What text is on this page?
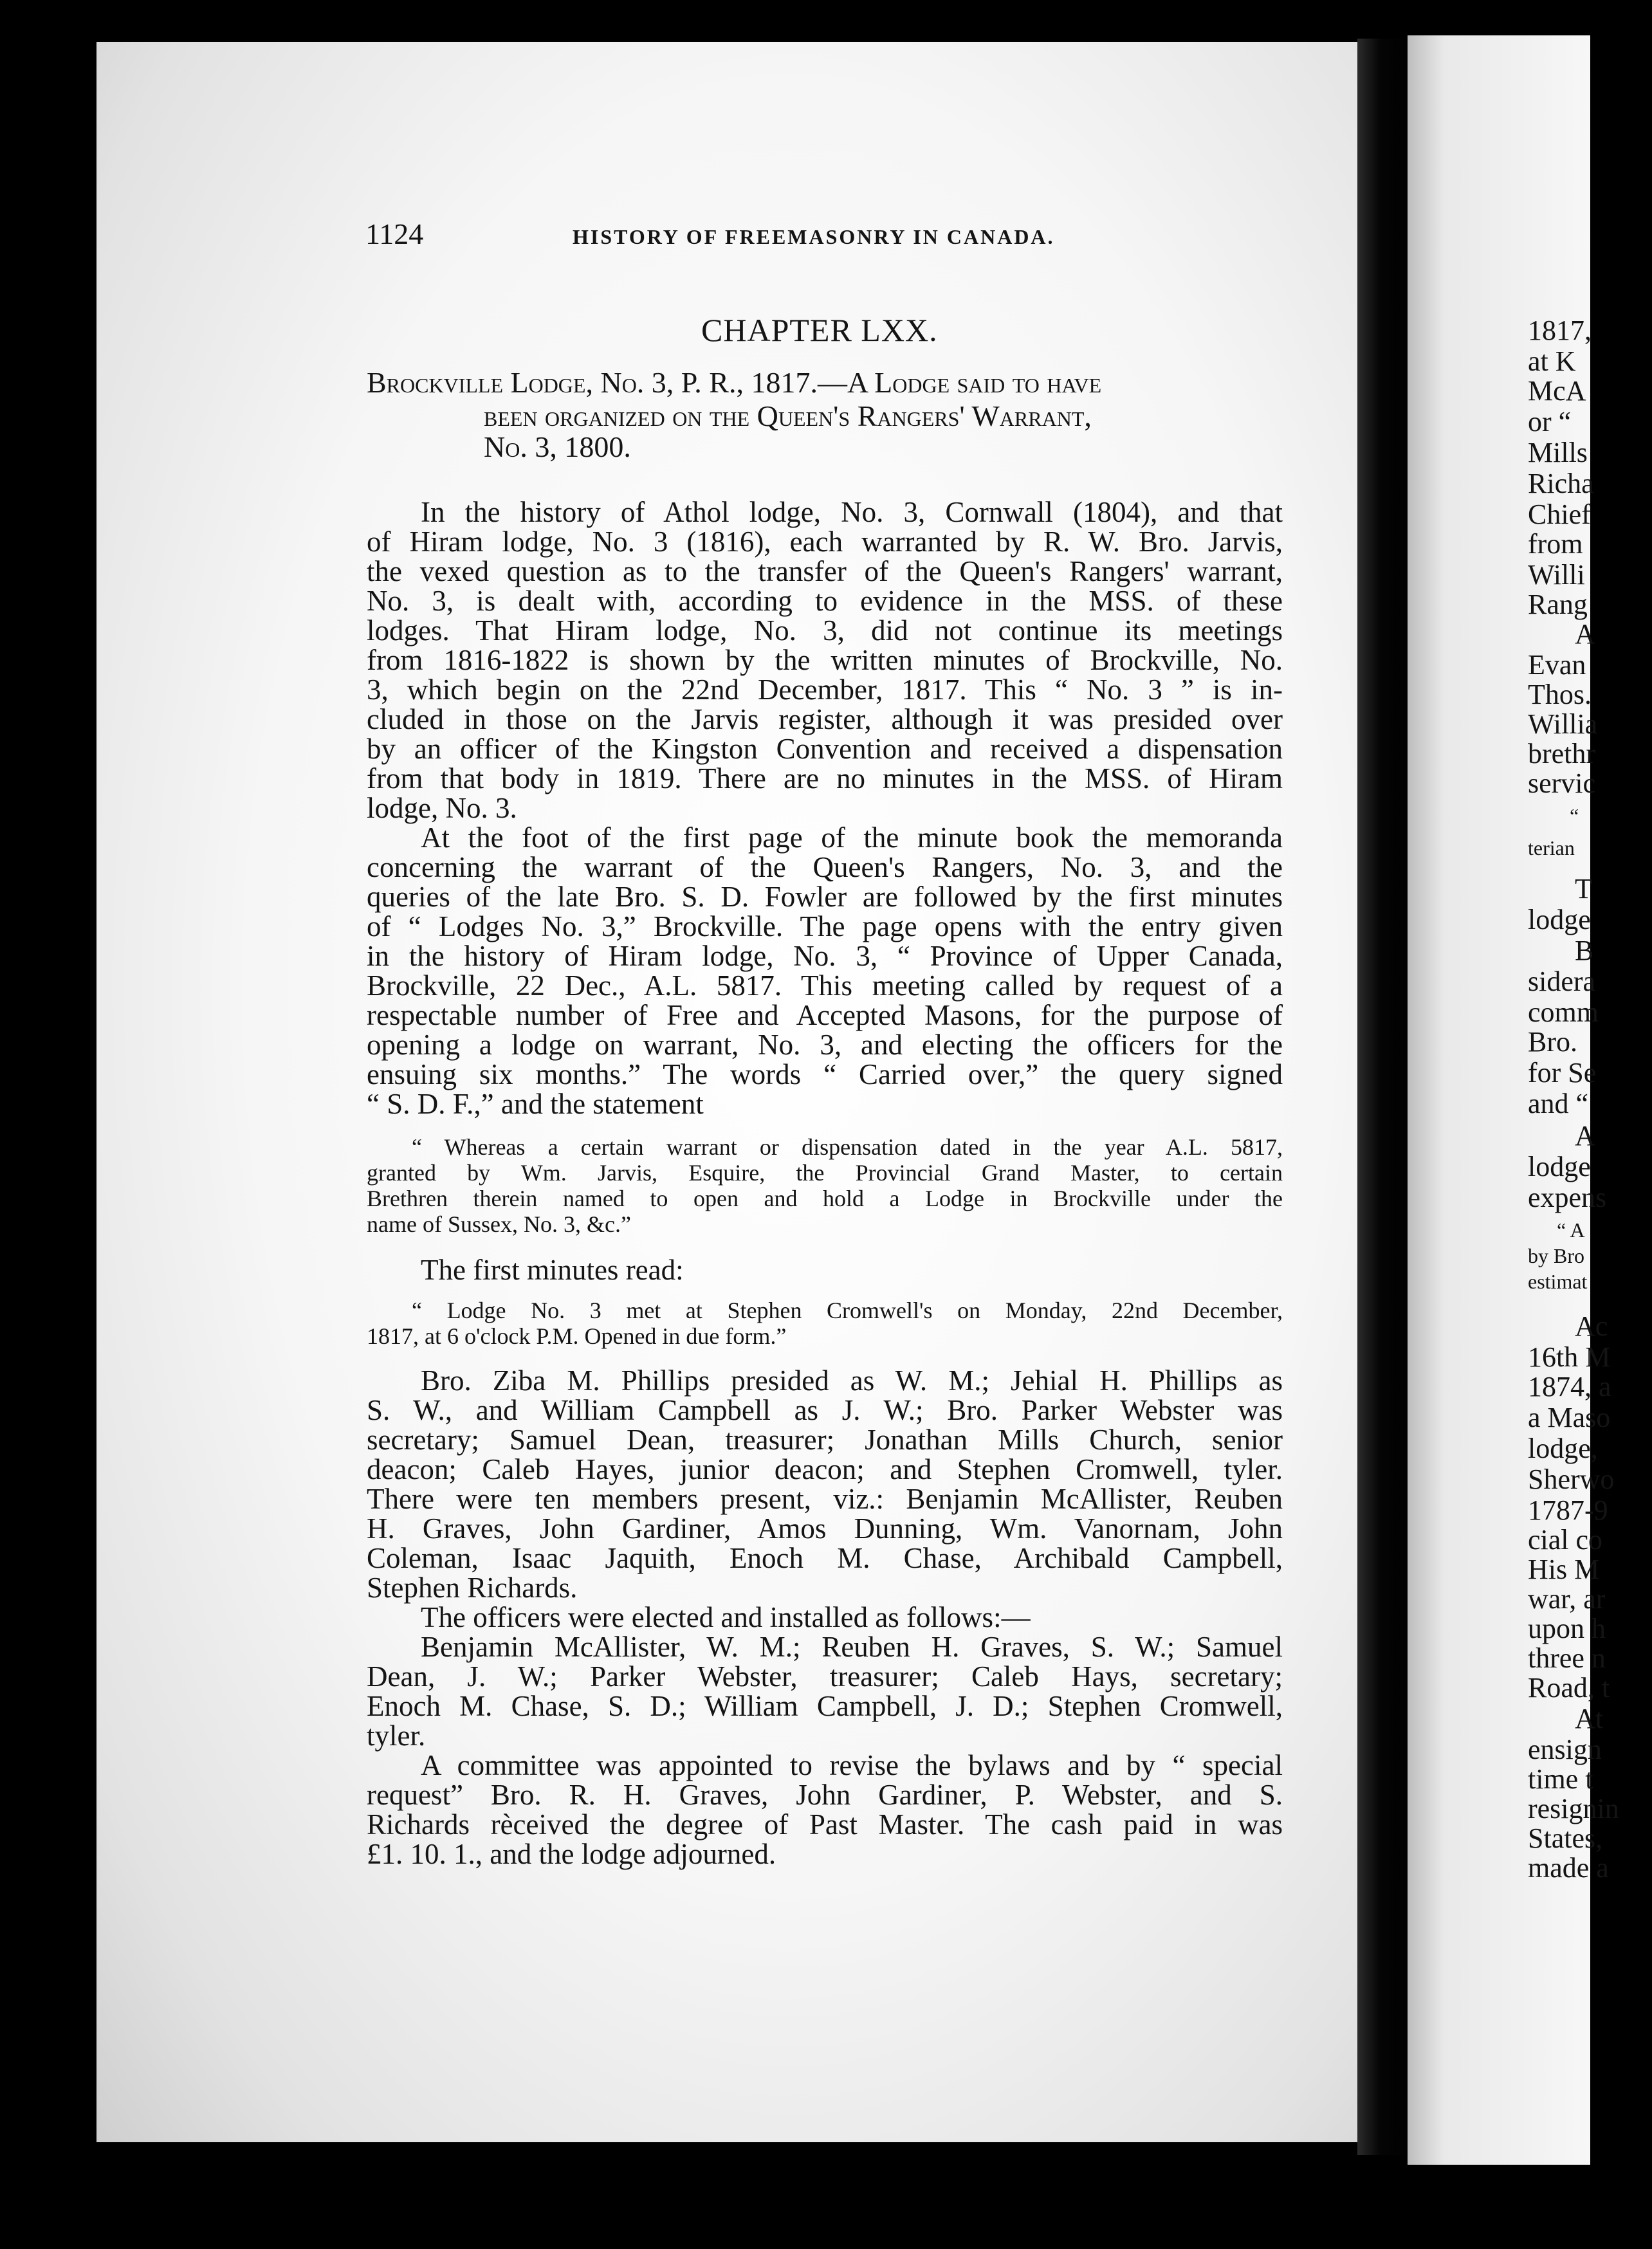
1124	HISTORY OF FREEMASONRY IN CANADA.
CHAPTER LXX.
Brockville Lodge, No. 3, P. R., 1817.—A Lodge said to have
been organized on the Queen's Rangers' Warrant,
No. 3, 1800.
In the history of Athol lodge, No. 3, Cornwall (1804), and that
of Hiram lodge, No. 3 (1816), each warranted by R. W. Bro. Jarvis,
the vexed question as to the transfer of the Queen's Rangers' warrant,
No. 3, is dealt with, according to evidence in the MSS. of these
lodges. That Hiram lodge, No. 3, did not continue its meetings
from 1816-1822 is shown by the written minutes of Brockville, No.
3, which begin on the 22nd December, 1817. This “ No. 3 ” is in-
cluded in those on the Jarvis register, although it was presided over
by an officer of the Kingston Convention and received a dispensation
from that body in 1819. There are no minutes in the MSS. of Hiram
lodge, No. 3.
At the foot of the first page of the minute book the memoranda
concerning the warrant of the Queen's Rangers, No. 3, and the
queries of the late Bro. S. D. Fowler are followed by the first minutes
of “ Lodges No. 3,” Brockville. The page opens with the entry given
in the history of Hiram lodge, No. 3, “ Province of Upper Canada,
Brockville, 22 Dec., A.L. 5817. This meeting called by request of a
respectable number of Free and Accepted Masons, for the purpose of
opening a lodge on warrant, No. 3, and electing the officers for the
ensuing six months.” The words “ Carried over,” the query signed
“ S. D. F.,” and the statement
“ Whereas a certain warrant or dispensation dated in the year A.L. 5817,
granted by Wm. Jarvis, Esquire, the Provincial Grand Master, to certain
Brethren therein named to open and hold a Lodge in Brockville under the
name of Sussex, No. 3, &c.”
The first minutes read:
“ Lodge No. 3 met at Stephen Cromwell's on Monday, 22nd December,
1817, at 6 o'clock P.M. Opened in due form.”
Bro. Ziba M. Phillips presided as W. M.; Jehial H. Phillips as
S. W., and William Campbell as J. W.; Bro. Parker Webster was
secretary; Samuel Dean, treasurer; Jonathan Mills Church, senior
deacon; Caleb Hayes, junior deacon; and Stephen Cromwell, tyler.
There were ten members present, viz.: Benjamin McAllister, Reuben
H. Graves, John Gardiner, Amos Dunning, Wm. Vanornam, John
Coleman, Isaac Jaquith, Enoch M. Chase, Archibald Campbell,
Stephen Richards.
The officers were elected and installed as follows:—
Benjamin McAllister, W. M.; Reuben H. Graves, S. W.; Samuel
Dean, J. W.; Parker Webster, treasurer; Caleb Hays, secretary;
Enoch M. Chase, S. D.; William Campbell, J. D.; Stephen Cromwell,
tyler.
A committee was appointed to revise the bylaws and by “ special
request” Bro. R. H. Graves, John Gardiner, P. Webster, and S.
Richards rèceived the degree of Past Master. The cash paid in was
£1. 10. 1., and the lodge adjourned.
1817,
at K
McA
or “
Mills
Richa
Chief
from
Willi
Rang
A
Evan
Thos.
Willia
brethr
servic
“
terian
T
lodge
B
sidera
comm
Bro.
for Se
and “
A
lodge
expens
“ A
by Bro
estimat
Ac
16th M
1874, a
a Maso
lodge,
Sherwo
1787-9
cial co
His M
war, ar
upon h
three n
Road, t
At
ensign
time t
resignin
States,
made a
